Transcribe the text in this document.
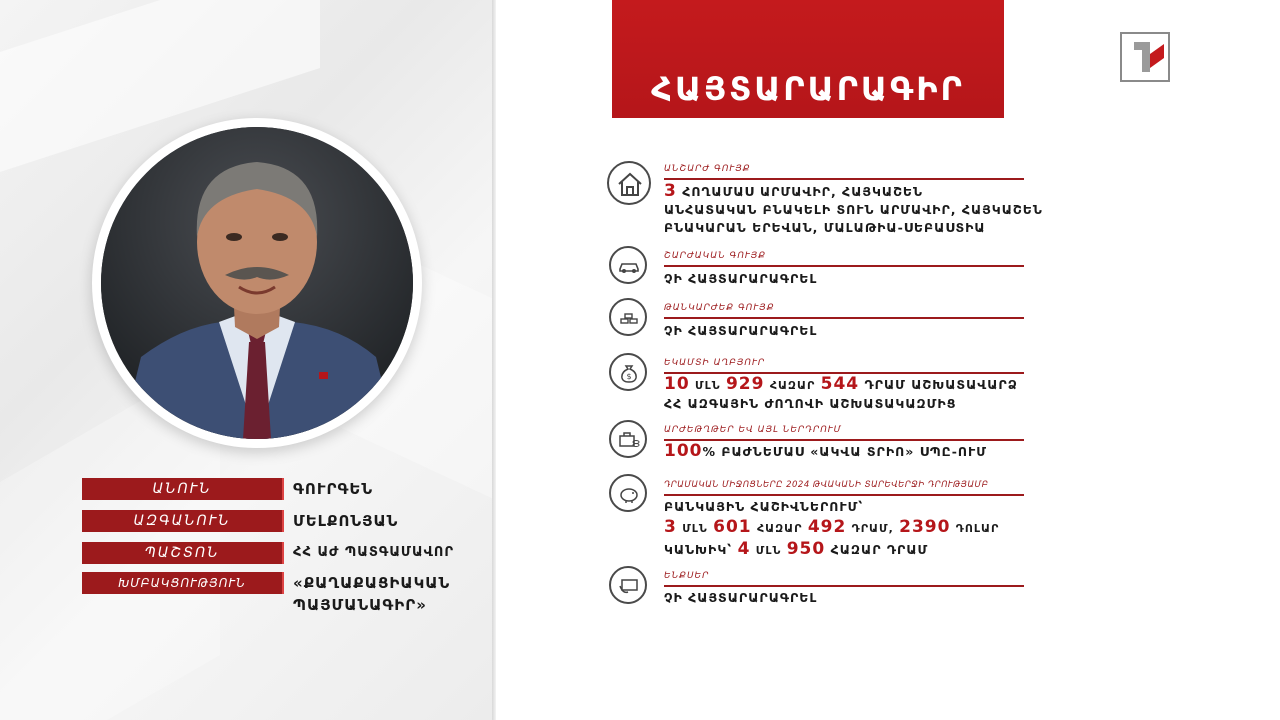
ԱՆՈՒՆ	ԳՈՒՐԳԵՆ
ԱԶԳԱՆՈՒՆ	ՄԵԼՔՈՆՅԱՆ
ՊԱՇՏՈՆ	ՀՀ ԱԺ ՊԱՏԳԱՄԱՎՈՐ
ԽՄԲԱԿՑՈՒԹՅՈՒՆ	«ՔԱՂԱՔԱՑԻԱԿԱՆ
ՊԱՅՄԱՆԱԳԻՐ»
ՀԱՅՏԱՐԱՐԱԳԻՐ
ԱՆՇԱՐԺ ԳՈՒՅՔ
3 ՀՈՂԱՄԱՍ ԱՐՄԱՎԻՐ, ՀԱՅԿԱՇԵՆ
ԱՆՀԱՏԱԿԱՆ ԲՆԱԿԵԼԻ ՏՈՒՆ ԱՐՄԱՎԻՐ, ՀԱՅԿԱՇԵՆ
ԲՆԱԿԱՐԱՆ ԵՐԵՎԱՆ, ՄԱԼԱԹԻԱ-ՍԵԲԱՍՏԻԱ
ՇԱՐԺԱԿԱՆ ԳՈՒՅՔ
ՉԻ ՀԱՅՏԱՐԱՐԱԳՐԵԼ
ԹԱՆԿԱՐԺԵՔ ԳՈՒՅՔ
ՉԻ ՀԱՅՏԱՐԱՐԱԳՐԵԼ
$
ԵԿԱՄՏԻ ԱՂԲՅՈՒՐ
10 ՄԼՆ 929 ՀԱԶԱՐ 544 ԴՐԱՄ ԱՇԽԱՏԱՎԱՐՁ
ՀՀ ԱԶԳԱՅԻՆ ԺՈՂՈՎԻ ԱՇԽԱՏԱԿԱԶՄԻՑ
ԱՐԺԵԹՂԹԵՐ ԵՎ ԱՅԼ ՆԵՐԴՐՈՒՄ
100% ԲԱԺՆԵՄԱՍ «ԱԿՎԱ ՏՐԻՈ» ՍՊԸ-ՈՒՄ
ԴՐԱՄԱԿԱՆ ՄԻՋՈՑՆԵՐԸ 2024 ԹՎԱԿԱՆԻ ՏԱՐԵՎԵՐՋԻ ԴՐՈՒԹՅԱՄԲ
ԲԱՆԿԱՅԻՆ ՀԱՇԻՎՆԵՐՈՒՄ՝
3 ՄԼՆ 601 ՀԱԶԱՐ 492 ԴՐԱՄ, 2390 ԴՈԼԱՐ
ԿԱՆԽԻԿ՝ 4 ՄԼՆ 950 ՀԱԶԱՐ ԴՐԱՄ
ԵՆՔՍԵՐ
ՉԻ ՀԱՅՏԱՐԱՐԱԳՐԵԼ
